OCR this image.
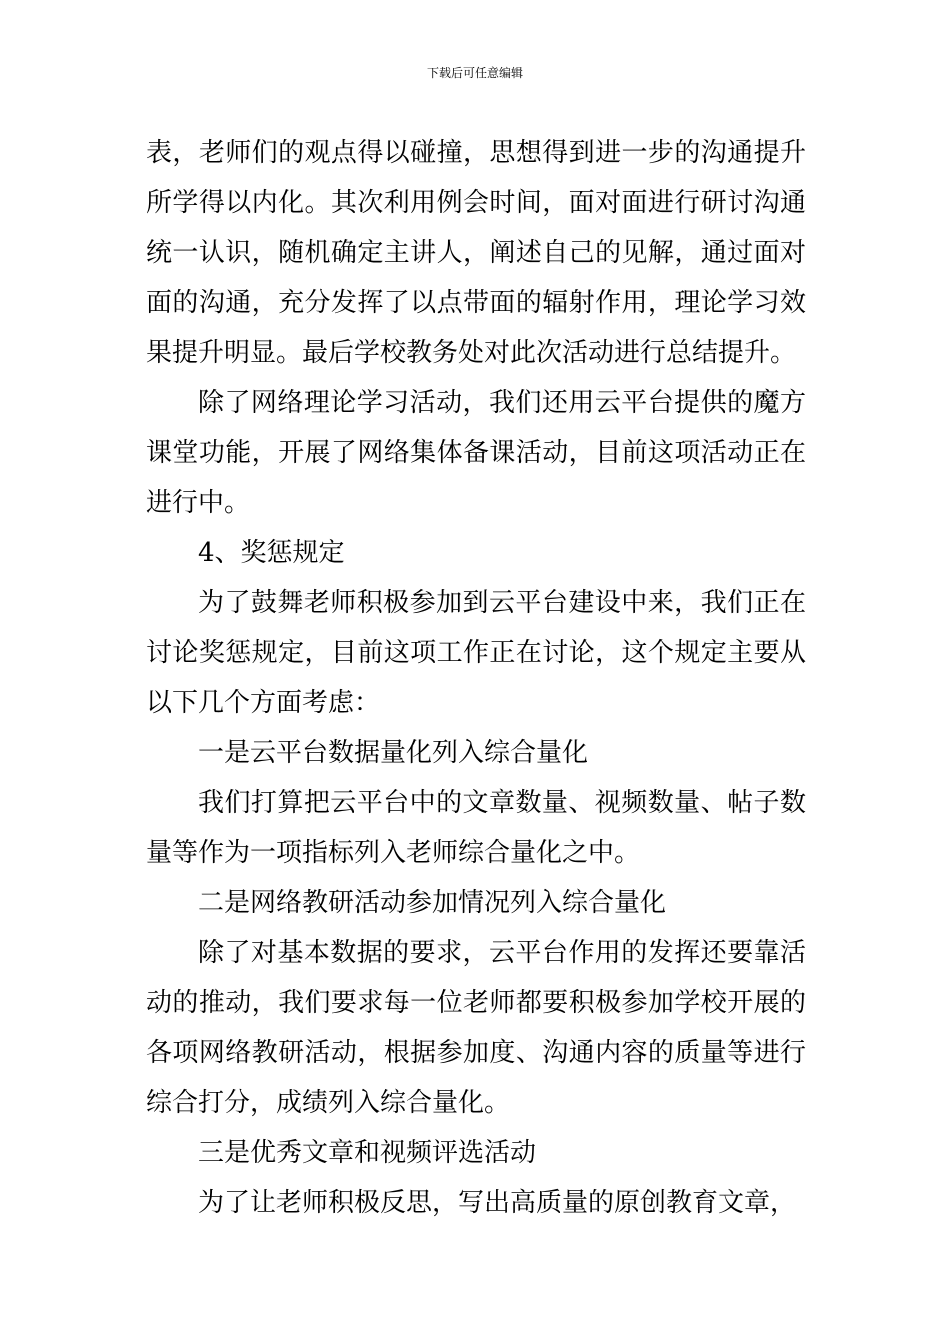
下载后可任意编辑

表，老师们的观点得以碰撞，思想得到进一步的沟通提升所学得以内化。其次利用例会时间，面对面进行研讨沟通统一认识，随机确定主讲人，阐述自己的见解，通过面对面的沟通，充分发挥了以点带面的辐射作用，理论学习效果提升明显。最后学校教务处对此次活动进行总结提升。

除了网络理论学习活动，我们还用云平台提供的魔方课堂功能，开展了网络集体备课活动，目前这项活动正在进行中。

4、奖惩规定

为了鼓舞老师积极参加到云平台建设中来，我们正在讨论奖惩规定，目前这项工作正在讨论，这个规定主要从以下几个方面考虑：

一是云平台数据量化列入综合量化

我们打算把云平台中的文章数量、视频数量、帖子数量等作为一项指标列入老师综合量化之中。

二是网络教研活动参加情况列入综合量化

除了对基本数据的要求，云平台作用的发挥还要靠活动的推动，我们要求每一位老师都要积极参加学校开展的各项网络教研活动，根据参加度、沟通内容的质量等进行综合打分，成绩列入综合量化。

三是优秀文章和视频评选活动

为了让老师积极反思，写出高质量的原创教育文章，
